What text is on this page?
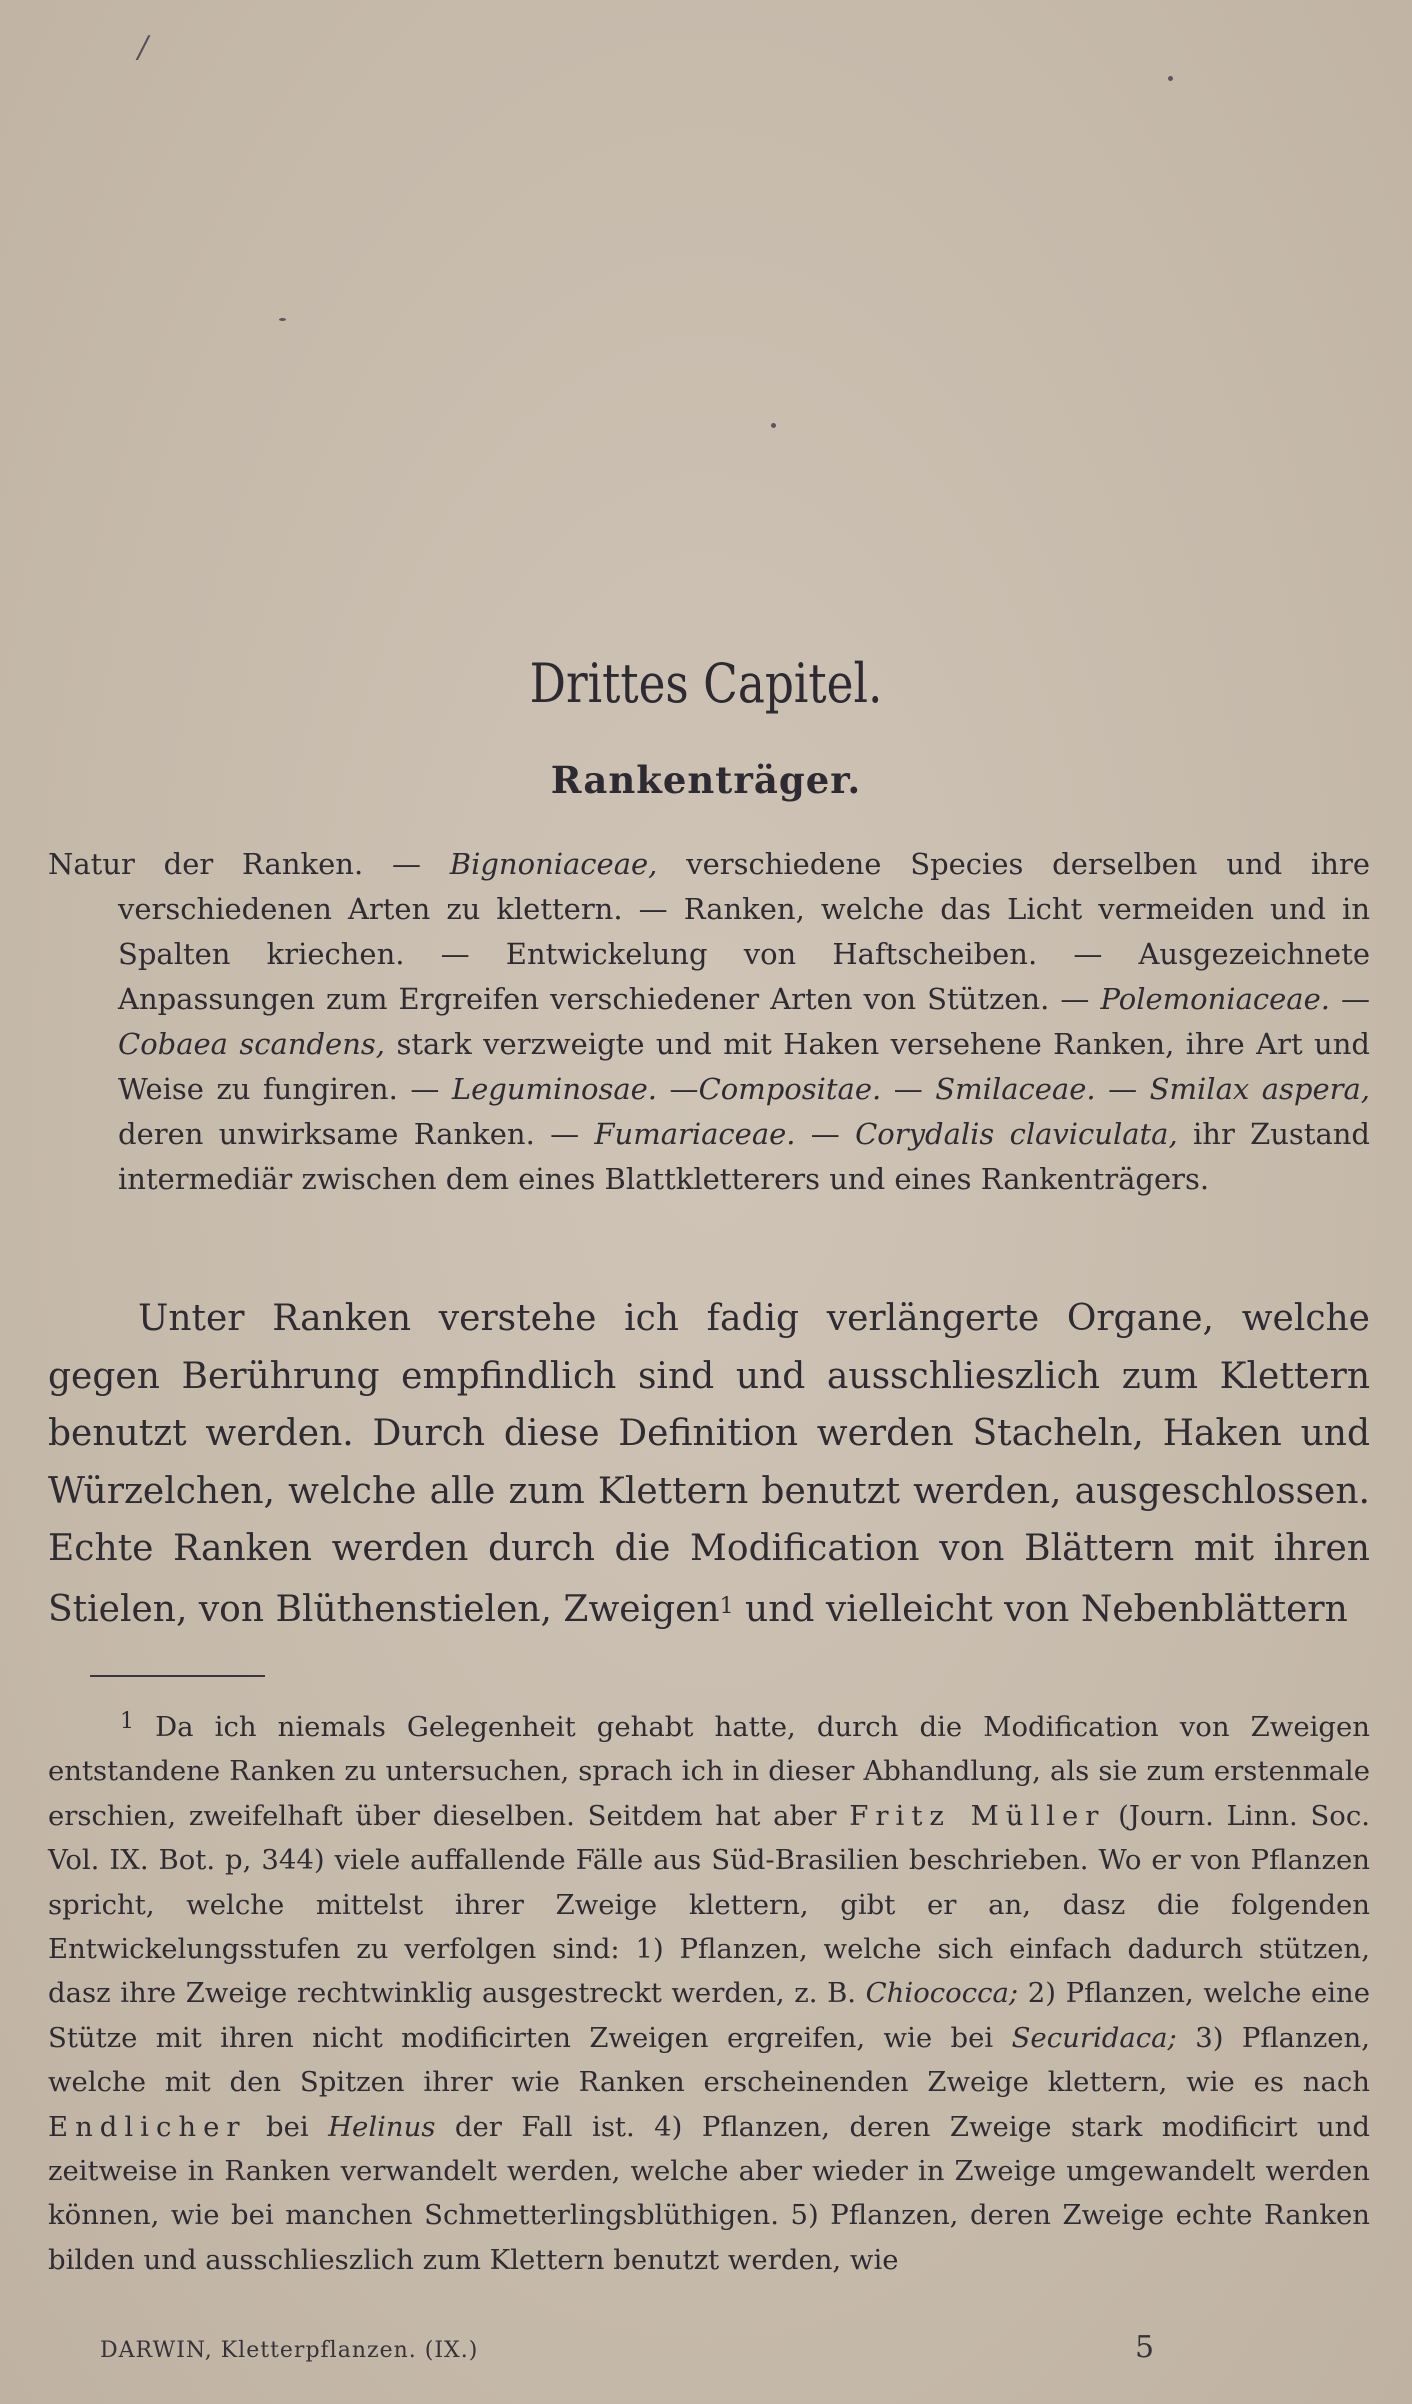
/
Drittes Capitel.
Rankenträger.

Natur der Ranken. — Bignoniaceae, verschiedene Species derselben und ihre verschiedenen Arten zu klettern. — Ranken, welche das Licht vermeiden und in Spalten kriechen. — Entwickelung von Haftscheiben. — Ausgezeichnete Anpassungen zum Ergreifen verschiedener Arten von Stützen. — Polemoniaceae. — Cobaea scandens, stark verzweigte und mit Haken versehene Ranken, ihre Art und Weise zu fungiren. — Leguminosae. —Compositae. — Smilaceae. — Smilax aspera, deren unwirksame Ranken. — Fumariaceae. — Corydalis claviculata, ihr Zustand intermediär zwischen dem eines Blattkletterers und eines Rankenträgers.

Unter Ranken verstehe ich fadig verlängerte Organe, welche gegen Berührung empfindlich sind und ausschlieszlich zum Klettern benutzt werden. Durch diese Definition werden Stacheln, Haken und Würzelchen, welche alle zum Klettern benutzt werden, ausgeschlossen. Echte Ranken werden durch die Modification von Blättern mit ihren Stielen, von Blüthenstielen, Zweigen$^1$ und vielleicht von Nebenblättern

$^1$ Da ich niemals Gelegenheit gehabt hatte, durch die Modification von Zweigen entstandene Ranken zu untersuchen, sprach ich in dieser Abhandlung, als sie zum erstenmale erschien, zweifelhaft über dieselben. Seitdem hat aber Fritz Müller (Journ. Linn. Soc. Vol. IX. Bot. p, 344) viele auffallende Fälle aus Süd-Brasilien beschrieben. Wo er von Pflanzen spricht, welche mittelst ihrer Zweige klettern, gibt er an, dasz die folgenden Entwickelungsstufen zu verfolgen sind: 1) Pflanzen, welche sich einfach dadurch stützen, dasz ihre Zweige rechtwinklig ausgestreckt werden, z. B. Chiococca; 2) Pflanzen, welche eine Stütze mit ihren nicht modificirten Zweigen ergreifen, wie bei Securidaca; 3) Pflanzen, welche mit den Spitzen ihrer wie Ranken erscheinenden Zweige klettern, wie es nach Endlicher bei Helinus der Fall ist. 4) Pflanzen, deren Zweige stark modificirt und zeitweise in Ranken verwandelt werden, welche aber wieder in Zweige umgewandelt werden können, wie bei manchen Schmetterlingsblüthigen. 5) Pflanzen, deren Zweige echte Ranken bilden und ausschlieszlich zum Klettern benutzt werden, wie

DARWIN, Kletterpflanzen. (IX.)	5
